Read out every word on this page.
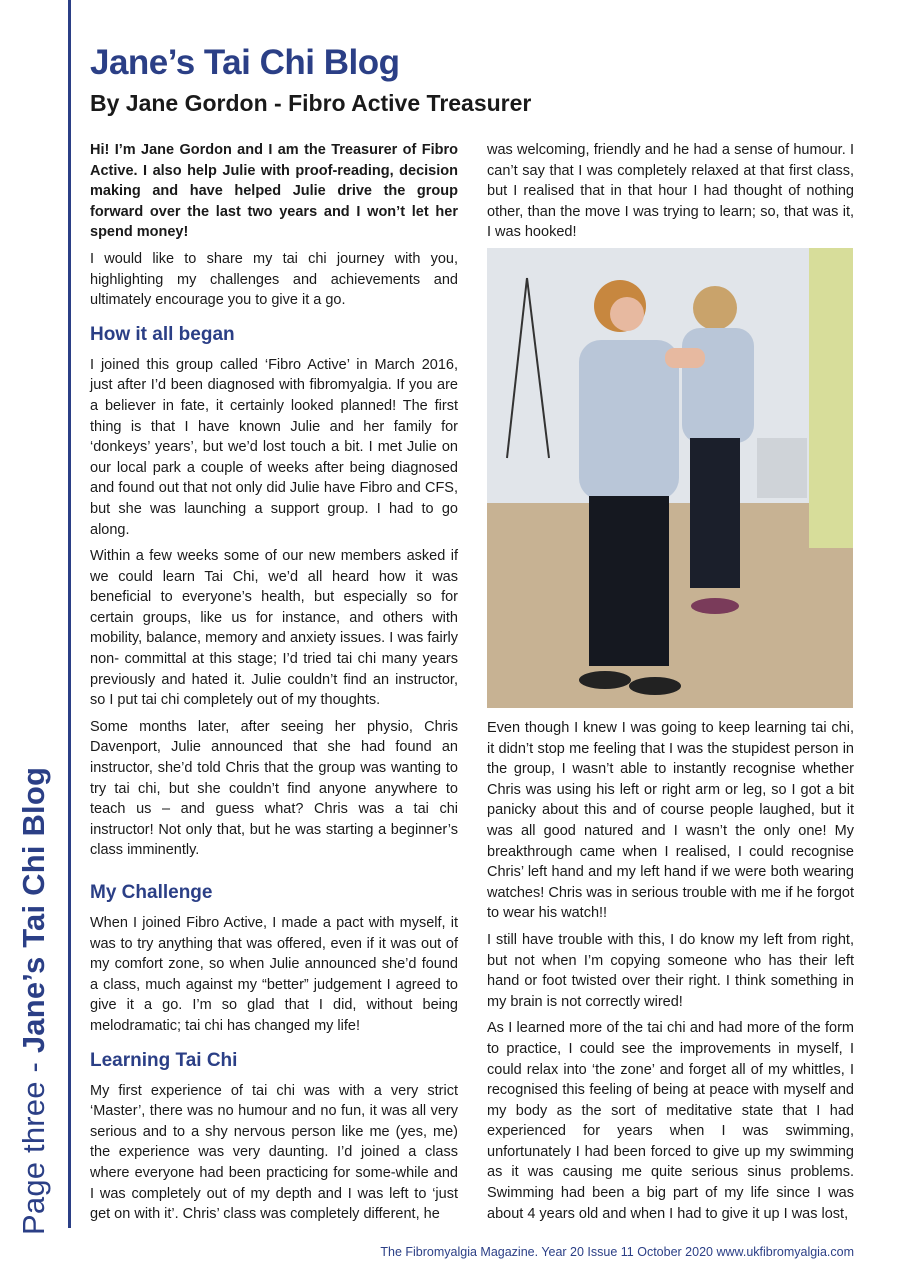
Page three - Jane’s Tai Chi Blog
Jane’s Tai Chi Blog
By Jane Gordon - Fibro Active Treasurer

Hi! I’m Jane Gordon and I am the Treasurer of Fibro Active. I also help Julie with proof-reading, decision making and have helped Julie drive the group forward over the last two years and I won’t let her spend money!

I would like to share my tai chi journey with you, highlighting my challenges and achievements and ultimately encourage you to give it a go.

How it all began

I joined this group called ‘Fibro Active’ in March 2016, just after I’d been diagnosed with fibromyalgia. If you are a believer in fate, it certainly looked planned! The first thing is that I have known Julie and her family for ‘donkeys’ years’, but we’d lost touch a bit. I met Julie on our local park a couple of weeks after being diagnosed and found out that not only did Julie have Fibro and CFS, but she was launching a support group. I had to go along.

Within a few weeks some of our new members asked if we could learn Tai Chi, we’d all heard how it was beneficial to everyone’s health, but especially so for certain groups, like us for instance, and others with mobility, balance, memory and anxiety issues. I was fairly non- committal at this stage; I’d tried tai chi many years previously and hated it. Julie couldn’t find an instructor, so I put tai chi completely out of my thoughts.

Some months later, after seeing her physio, Chris Davenport, Julie announced that she had found an instructor, she’d told Chris that the group was wanting to try tai chi, but she couldn’t find anyone anywhere to teach us – and guess what? Chris was a tai chi instructor! Not only that, but he was starting a beginner’s class imminently.

My Challenge

When I joined Fibro Active, I made a pact with myself, it was to try anything that was offered, even if it was out of my comfort zone, so when Julie announced she’d found a class, much against my “better” judgement I agreed to give it a go. I’m so glad that I did, without being melodramatic; tai chi has changed my life!

Learning Tai Chi

My first experience of tai chi was with a very strict ‘Master’, there was no humour and no fun, it was all very serious and to a shy nervous person like me (yes, me) the experience was very daunting. I’d joined a class where everyone had been practicing for some-while and I was completely out of my depth and I was left to ‘just get on with it’. Chris’ class was completely different, he

was welcoming, friendly and he had a sense of humour. I can’t say that I was completely relaxed at that first class, but I realised that in that hour I had thought of nothing other, than the move I was trying to learn; so, that was it, I was hooked!

Even though I knew I was going to keep learning tai chi, it didn’t stop me feeling that I was the stupidest person in the group, I wasn’t able to instantly recognise whether Chris was using his left or right arm or leg, so I got a bit panicky about this and of course people laughed, but it was all good natured and I wasn’t the only one! My breakthrough came when I realised, I could recognise Chris’ left hand and my left hand if we were both wearing watches! Chris was in serious trouble with me if he forgot to wear his watch!!

I still have trouble with this, I do know my left from right, but not when I’m copying someone who has their left hand or foot twisted over their right. I think something in my brain is not correctly wired!

As I learned more of the tai chi and had more of the form to practice, I could see the improvements in myself, I could relax into ‘the zone’ and forget all of my whittles, I recognised this feeling of being at peace with myself and my body as the sort of meditative state that I had experienced for years when I was swimming, unfortunately I had been forced to give up my swimming as it was causing me quite serious sinus problems. Swimming had been a big part of my life since I was about 4 years old and when I had to give it up I was lost,

The Fibromyalgia Magazine. Year 20 Issue 11 October 2020 www.ukfibromyalgia.com
